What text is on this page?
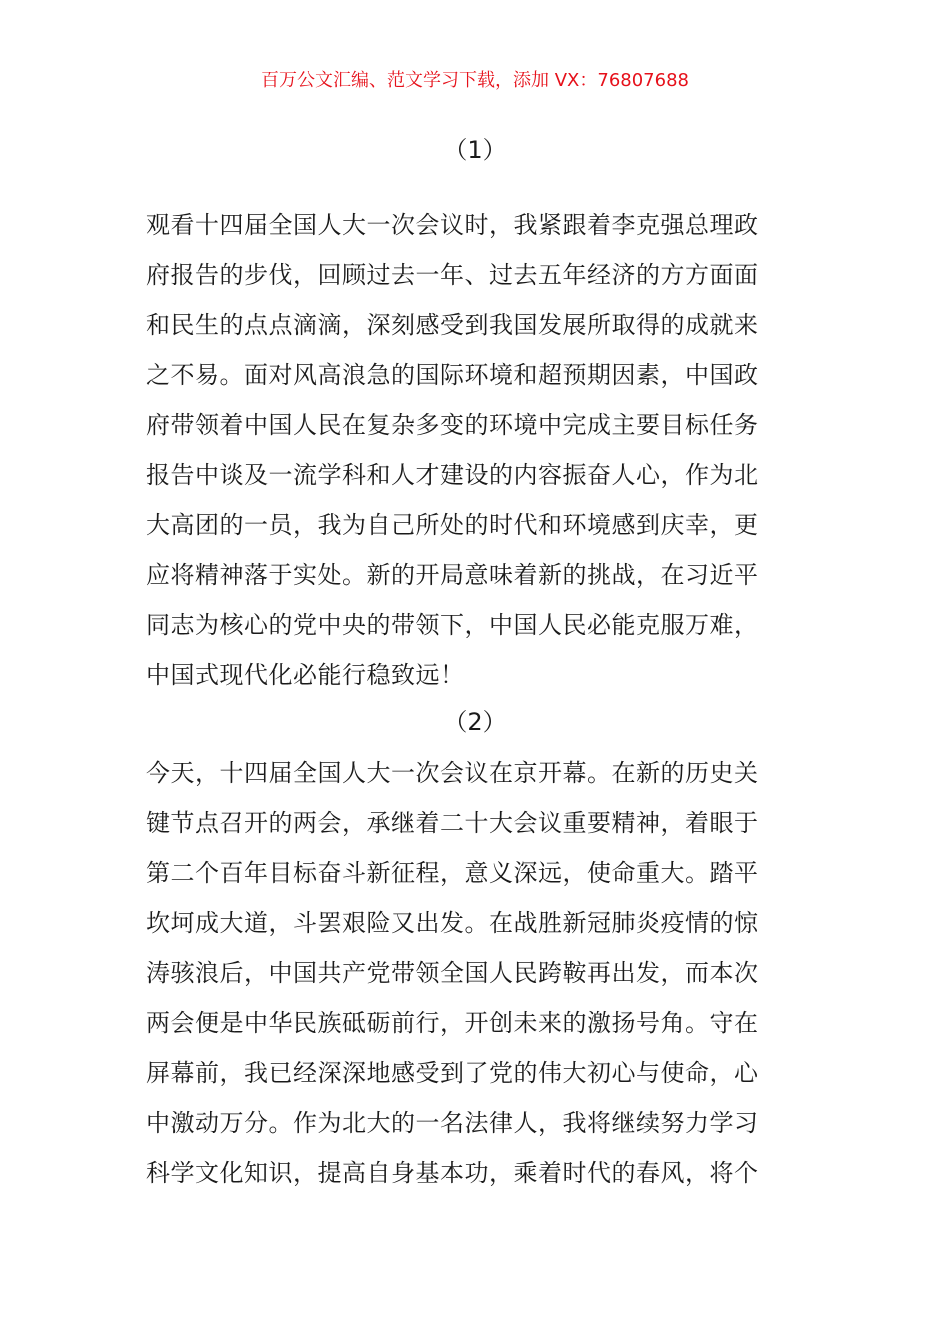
百万公文汇编、范文学习下载，添加 VX：76807688
（1）
观看十四届全国人大一次会议时，我紧跟着李克强总理政
府报告的步伐，回顾过去一年、过去五年经济的方方面面
和民生的点点滴滴，深刻感受到我国发展所取得的成就来
之不易。面对风高浪急的国际环境和超预期因素，中国政
府带领着中国人民在复杂多变的环境中完成主要目标任务
报告中谈及一流学科和人才建设的内容振奋人心，作为北
大高团的一员，我为自己所处的时代和环境感到庆幸，更
应将精神落于实处。新的开局意味着新的挑战，在习近平
同志为核心的党中央的带领下，中国人民必能克服万难，
中国式现代化必能行稳致远！
（2）
今天，十四届全国人大一次会议在京开幕。在新的历史关
键节点召开的两会，承继着二十大会议重要精神，着眼于
第二个百年目标奋斗新征程，意义深远，使命重大。踏平
坎坷成大道，斗罢艰险又出发。在战胜新冠肺炎疫情的惊
涛骇浪后，中国共产党带领全国人民跨鞍再出发，而本次
两会便是中华民族砥砺前行，开创未来的激扬号角。守在
屏幕前，我已经深深地感受到了党的伟大初心与使命，心
中激动万分。作为北大的一名法律人，我将继续努力学习
科学文化知识，提高自身基本功，乘着时代的春风，将个
